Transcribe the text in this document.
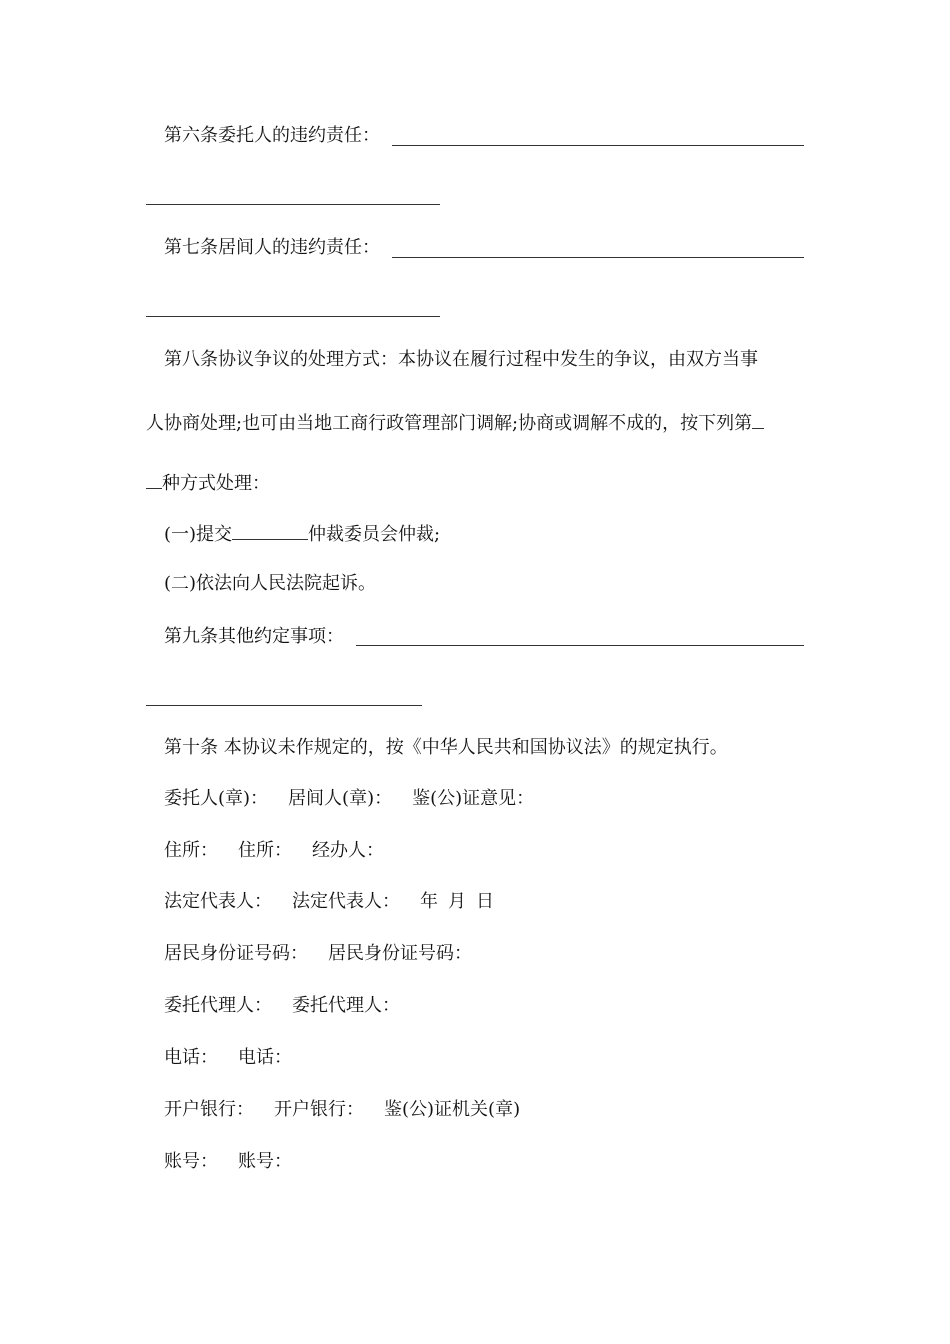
第六条委托人的违约责任：
第七条居间人的违约责任：
第八条协议争议的处理方式：本协议在履行过程中发生的争议，由双方当事
人协商处理;也可由当地工商行政管理部门调解;协商或调解不成的，按下列第
种方式处理：
(一)提交	仲裁委员会仲裁;
(二)依法向人民法院起诉。
第九条其他约定事项：
第十条 本协议未作规定的，按《中华人民共和国协议法》的规定执行。
委托人(章)： 居间人(章)： 鉴(公)证意见：
住所： 住所： 经办人：
法定代表人： 法定代表人： 年 月 日
居民身份证号码： 居民身份证号码：
委托代理人： 委托代理人：
电话： 电话：
开户银行： 开户银行： 鉴(公)证机关(章)
账号： 账号：
